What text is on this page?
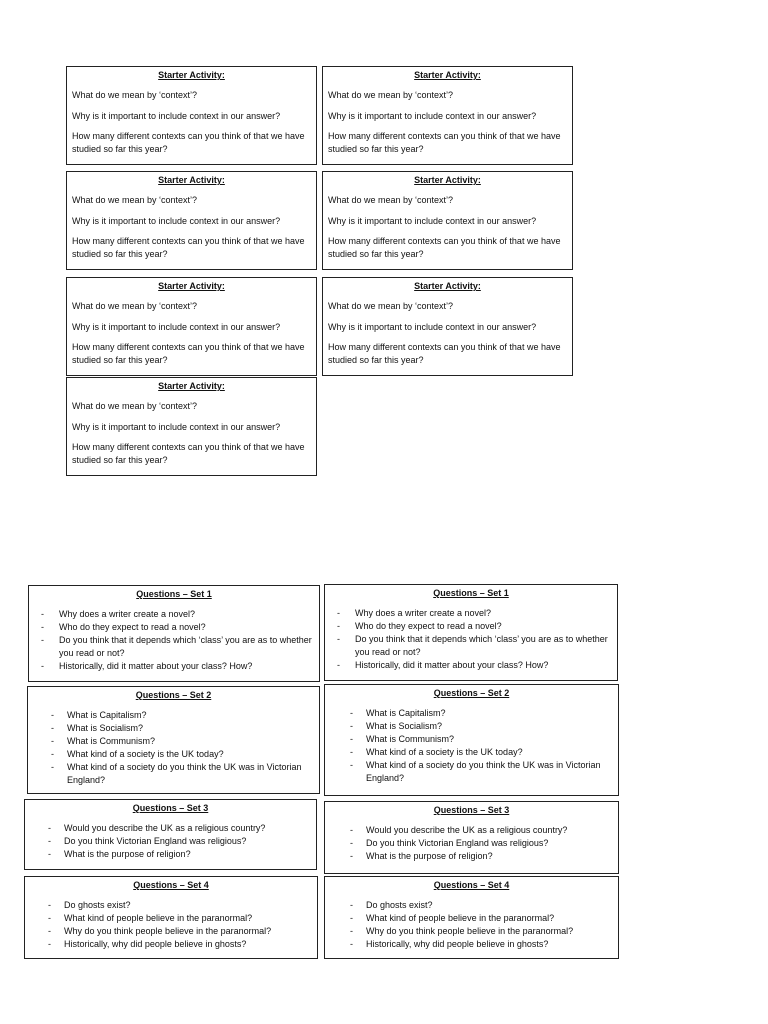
Starter Activity:

What do we mean by ‘context’?

Why is it important to include context in our answer?

How many different contexts can you think of that we have studied so far this year?

Starter Activity:

What do we mean by ‘context’?

Why is it important to include context in our answer?

How many different contexts can you think of that we have studied so far this year?

Starter Activity:

What do we mean by ‘context’?

Why is it important to include context in our answer?

How many different contexts can you think of that we have studied so far this year?

Starter Activity:

What do we mean by ‘context’?

Why is it important to include context in our answer?

How many different contexts can you think of that we have studied so far this year?

Starter Activity:

What do we mean by ‘context’?

Why is it important to include context in our answer?

How many different contexts can you think of that we have studied so far this year?

Starter Activity:

What do we mean by ‘context’?

Why is it important to include context in our answer?

How many different contexts can you think of that we have studied so far this year?

Starter Activity:

What do we mean by ‘context’?

Why is it important to include context in our answer?

How many different contexts can you think of that we have studied so far this year?

Questions – Set 1
- Why does a writer create a novel?
- Who do they expect to read a novel?
- Do you think that it depends which ‘class’ you are as to whether you read or not?
- Historically, did it matter about your class? How?
Questions – Set 2
- What is Capitalism?
- What is Socialism?
- What is Communism?
- What kind of a society is the UK today?
- What kind of a society do you think the UK was in Victorian England?
Questions – Set 3
- Would you describe the UK as a religious country?
- Do you think Victorian England was religious?
- What is the purpose of religion?
Questions – Set 4
- Do ghosts exist?
- What kind of people believe in the paranormal?
- Why do you think people believe in the paranormal?
- Historically, why did people believe in ghosts?
Questions – Set 1
- Why does a writer create a novel?
- Who do they expect to read a novel?
- Do you think that it depends which ‘class’ you are as to whether you read or not?
- Historically, did it matter about your class? How?
Questions – Set 2
- What is Capitalism?
- What is Socialism?
- What is Communism?
- What kind of a society is the UK today?
- What kind of a society do you think the UK was in Victorian England?
Questions – Set 3
- Would you describe the UK as a religious country?
- Do you think Victorian England was religious?
- What is the purpose of religion?
Questions – Set 4
- Do ghosts exist?
- What kind of people believe in the paranormal?
- Why do you think people believe in the paranormal?
- Historically, why did people believe in ghosts?
